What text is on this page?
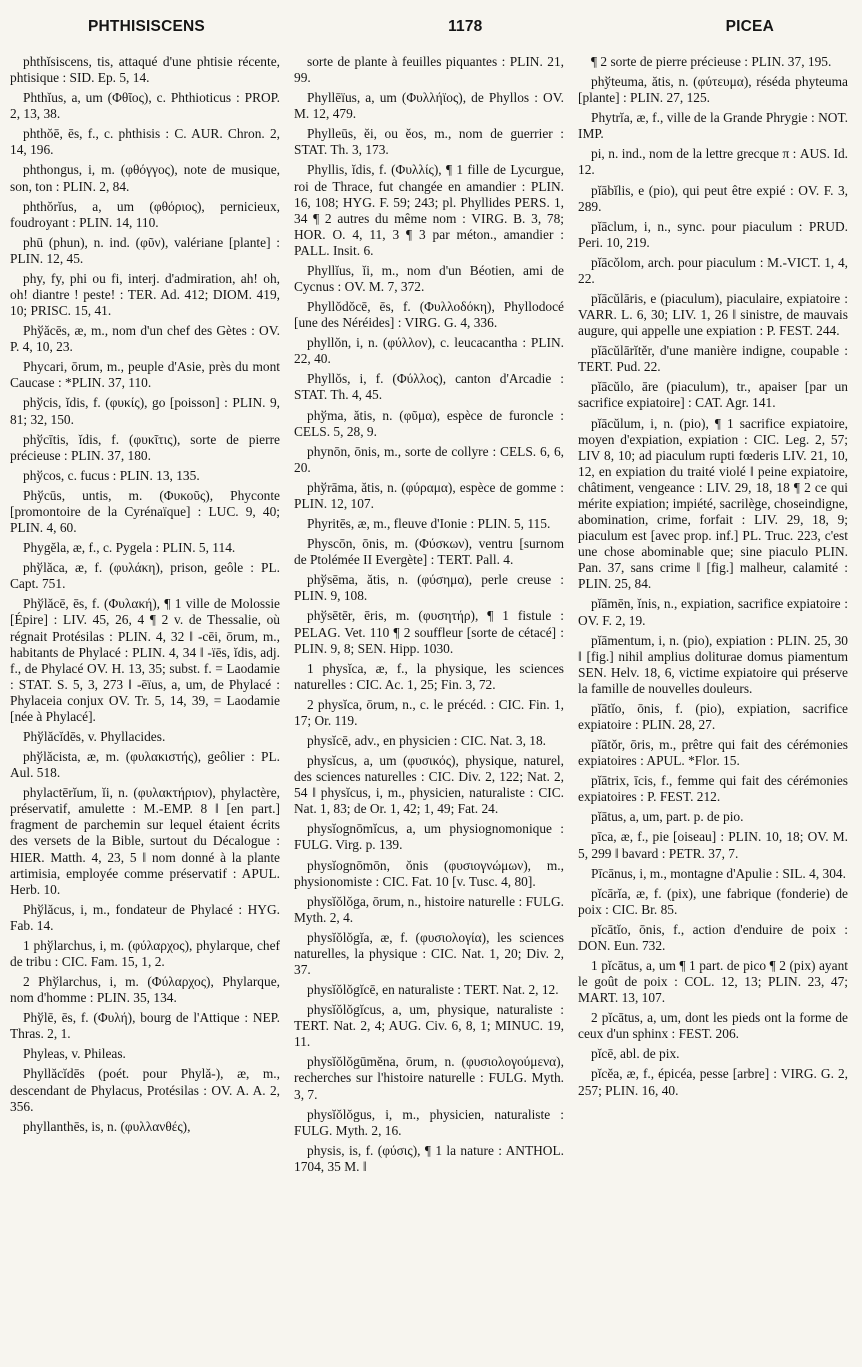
PHTHISISCENS	1178	PICEA

phthĭsiscens, tis, attaqué d'une phtisie récente, phtisique : SID. Ep. 5, 14.

Phthĭus, a, um (Φθῖος), c. Phthioticus : PROP. 2, 13, 38.

phthŏē, ēs, f., c. phthisis : C. AUR. Chron. 2, 14, 196.

phthongus, i, m. (φθόγγος), note de musique, son, ton : PLIN. 2, 84.

phthŏrĭus, a, um (φθόριος), pernicieux, foudroyant : PLIN. 14, 110.

phū (phun), n. ind. (φῦν), valériane [plante] : PLIN. 12, 45.

phy, fy, phi ou fi, interj. d'admiration, ah! oh, oh! diantre ! peste! : TER. Ad. 412; DIOM. 419, 10; PRISC. 15, 41.

Phўăcēs, æ, m., nom d'un chef des Gètes : OV. P. 4, 10, 23.

Phycari, ōrum, m., peuple d'Asie, près du mont Caucase : *PLIN. 37, 110.

phўcis, ĭdis, f. (φυκίς), go [poisson] : PLIN. 9, 81; 32, 150.

phўcītis, ĭdis, f. (φυκῖτις), sorte de pierre précieuse : PLIN. 37, 180.

phўcos, c. fucus : PLIN. 13, 135.

Phўcūs, untis, m. (Φυκοῦς), Phyconte [promontoire de la Cyrénaïque] : LUC. 9, 40; PLIN. 4, 60.

Phygĕla, æ, f., c. Pygela : PLIN. 5, 114.

phўlăca, æ, f. (φυλάκη), prison, geôle : PL. Capt. 751.

Phўlăcē, ēs, f. (Φυλακή), ¶ 1 ville de Molossie [Épire] : LIV. 45, 26, 4 ¶ 2 v. de Thessalie, où régnait Protésilas : PLIN. 4, 32 ‖ -cēi, ōrum, m., habitants de Phylacé : PLIN. 4, 34 ‖ -ïēs, ĭdis, adj. f., de Phylacé OV. H. 13, 35; subst. f. = Laodamie : STAT. S. 5, 3, 273 ‖ -ēïus, a, um, de Phylacé : Phylaceia conjux OV. Tr. 5, 14, 39, = Laodamie [née à Phylacé].

Phўlăcĭdēs, v. Phyllacides.

phўlăcista, æ, m. (φυλακιστής), geôlier : PL. Aul. 518.

phylactērĭum, ĭi, n. (φυλακτήριον), phylactère, préservatif, amulette : M.-EMP. 8 ‖ [en part.] fragment de parchemin sur lequel étaient écrits des versets de la Bible, surtout du Décalogue : HIER. Matth. 4, 23, 5 ‖ nom donné à la plante artimisia, employée comme préservatif : APUL. Herb. 10.

Phўlăcus, i, m., fondateur de Phylacé : HYG. Fab. 14.

1 phўlarchus, i, m. (φύλαρχος), phylarque, chef de tribu : CIC. Fam. 15, 1, 2.

2 Phўlarchus, i, m. (Φύλαρχος), Phylarque, nom d'homme : PLIN. 35, 134.

Phўlē, ēs, f. (Φυλή), bourg de l'Attique : NEP. Thras. 2, 1.

Phyleas, v. Phileas.

Phyllăcĭdēs (poét. pour Phylă-), æ, m., descendant de Phylacus, Protésilas : OV. A. A. 2, 356.

phyllanthēs, is, n. (φυλλανθές),

sorte de plante à feuilles piquantes : PLIN. 21, 99.

Phyllēïus, a, um (Φυλλήϊος), de Phyllos : OV. M. 12, 479.

Phylleūs, ĕi, ou ĕos, m., nom de guerrier : STAT. Th. 3, 173.

Phyllis, ĭdis, f. (Φυλλίς), ¶ 1 fille de Lycurgue, roi de Thrace, fut changée en amandier : PLIN. 16, 108; HYG. F. 59; 243; pl. Phyllides PERS. 1, 34 ¶ 2 autres du même nom : VIRG. B. 3, 78; HOR. O. 4, 11, 3 ¶ 3 par méton., amandier : PALL. Insit. 6.

Phyllĭus, ĭi, m., nom d'un Béotien, ami de Cycnus : OV. M. 7, 372.

Phyllŏdŏcē, ēs, f. (Φυλλοδόκη), Phyllodocé [une des Néréides] : VIRG. G. 4, 336.

phyllŏn, i, n. (φύλλον), c. leucacantha : PLIN. 22, 40.

Phyllŏs, i, f. (Φύλλος), canton d'Arcadie : STAT. Th. 4, 45.

phўma, ătis, n. (φῦμα), espèce de furoncle : CELS. 5, 28, 9.

phynōn, ōnis, m., sorte de collyre : CELS. 6, 6, 20.

phўrāma, ătis, n. (φύραμα), espèce de gomme : PLIN. 12, 107.

Phyritēs, æ, m., fleuve d'Ionie : PLIN. 5, 115.

Physcōn, ōnis, m. (Φύσκων), ventru [surnom de Ptolémée II Evergète] : TERT. Pall. 4.

phўsēma, ătis, n. (φύσημα), perle creuse : PLIN. 9, 108.

phўsētēr, ēris, m. (φυσητήρ), ¶ 1 fistule : PELAG. Vet. 110 ¶ 2 souffleur [sorte de cétacé] : PLIN. 9, 8; SEN. Hipp. 1030.

1 physĭca, æ, f., la physique, les sciences naturelles : CIC. Ac. 1, 25; Fin. 3, 72.

2 physĭca, ōrum, n., c. le précéd. : CIC. Fin. 1, 17; Or. 119.

physĭcē, adv., en physicien : CIC. Nat. 3, 18.

physĭcus, a, um (φυσικός), physique, naturel, des sciences naturelles : CIC. Div. 2, 122; Nat. 2, 54 ‖ physĭcus, i, m., physicien, naturaliste : CIC. Nat. 1, 83; de Or. 1, 42; 1, 49; Fat. 24.

physĭognōmĭcus, a, um physiognomonique : FULG. Virg. p. 139.

physĭognōmōn, ŏnis (φυσιογνώμων), m., physionomiste : CIC. Fat. 10 [v. Tusc. 4, 80].

physĭŏlŏga, ōrum, n., histoire naturelle : FULG. Myth. 2, 4.

physĭŏlŏgĭa, æ, f. (φυσιολογία), les sciences naturelles, la physique : CIC. Nat. 1, 20; Div. 2, 37.

physĭŏlŏgĭcē, en naturaliste : TERT. Nat. 2, 12.

physĭŏlŏgĭcus, a, um, physique, naturaliste : TERT. Nat. 2, 4; AUG. Civ. 6, 8, 1; MINUC. 19, 11.

physĭŏlŏgūmĕna, ōrum, n. (φυσιολογούμενα), recherches sur l'histoire naturelle : FULG. Myth. 3, 7.

physĭŏlŏgus, i, m., physicien, naturaliste : FULG. Myth. 2, 16.

physis, is, f. (φύσις), ¶ 1 la nature : ANTHOL. 1704, 35 M. ‖

¶ 2 sorte de pierre précieuse : PLIN. 37, 195.

phўteuma, ătis, n. (φύτευμα), réséda phyteuma [plante] : PLIN. 27, 125.

Phytrĭa, æ, f., ville de la Grande Phrygie : NOT. IMP.

pi, n. ind., nom de la lettre grecque π : AUS. Id. 12.

pĭābĭlis, e (pio), qui peut être expié : OV. F. 3, 289.

pĭāclum, i, n., sync. pour piaculum : PRUD. Peri. 10, 219.

pĭācŏlom, arch. pour piaculum : M.-VICT. 1, 4, 22.

pĭācŭlāris, e (piaculum), piaculaire, expiatoire : VARR. L. 6, 30; LIV. 1, 26 ‖ sinistre, de mauvais augure, qui appelle une expiation : P. FEST. 244.

pĭācŭlārĭtĕr, d'une manière indigne, coupable : TERT. Pud. 22.

pĭācŭlo, āre (piaculum), tr., apaiser [par un sacrifice expiatoire] : CAT. Agr. 141.

pĭācŭlum, i, n. (pio), ¶ 1 sacrifice expiatoire, moyen d'expiation, expiation : CIC. Leg. 2, 57; LIV 8, 10; ad piaculum rupti fœderis LIV. 21, 10, 12, en expiation du traité violé ‖ peine expiatoire, châtiment, vengeance : LIV. 29, 18, 18 ¶ 2 ce qui mérite expiation; impiété, sacrilège, choseindigne, abomination, crime, forfait : LIV. 29, 18, 9; piaculum est [avec prop. inf.] PL. Truc. 223, c'est une chose abominable que; sine piaculo PLIN. Pan. 37, sans crime ‖ [fig.] malheur, calamité : PLIN. 25, 84.

pĭāmēn, ĭnis, n., expiation, sacrifice expiatoire : OV. F. 2, 19.

pĭāmentum, i, n. (pio), expiation : PLIN. 25, 30 ‖ [fig.] nihil amplius doliturae domus piamentum SEN. Helv. 18, 6, victime expiatoire qui préserve la famille de nouvelles douleurs.

pĭātĭo, ōnis, f. (pio), expiation, sacrifice expiatoire : PLIN. 28, 27.

pĭātŏr, ōris, m., prêtre qui fait des cérémonies expiatoires : APUL. *Flor. 15.

pĭātrix, īcis, f., femme qui fait des cérémonies expiatoires : P. FEST. 212.

pĭātus, a, um, part. p. de pio.

pīca, æ, f., pie [oiseau] : PLIN. 10, 18; OV. M. 5, 299 ‖ bavard : PETR. 37, 7.

Pīcānus, i, m., montagne d'Apulie : SIL. 4, 304.

pĭcārĭa, æ, f. (pix), une fabrique (fonderie) de poix : CIC. Br. 85.

pĭcātĭo, ōnis, f., action d'enduire de poix : DON. Eun. 732.

1 pĭcātus, a, um ¶ 1 part. de pico ¶ 2 (pix) ayant le goût de poix : COL. 12, 13; PLIN. 23, 47; MART. 13, 107.

2 pĭcātus, a, um, dont les pieds ont la forme de ceux d'un sphinx : FEST. 206.

pĭcē, abl. de pix.

pĭcĕa, æ, f., épicéa, pesse [arbre] : VIRG. G. 2, 257; PLIN. 16, 40.
